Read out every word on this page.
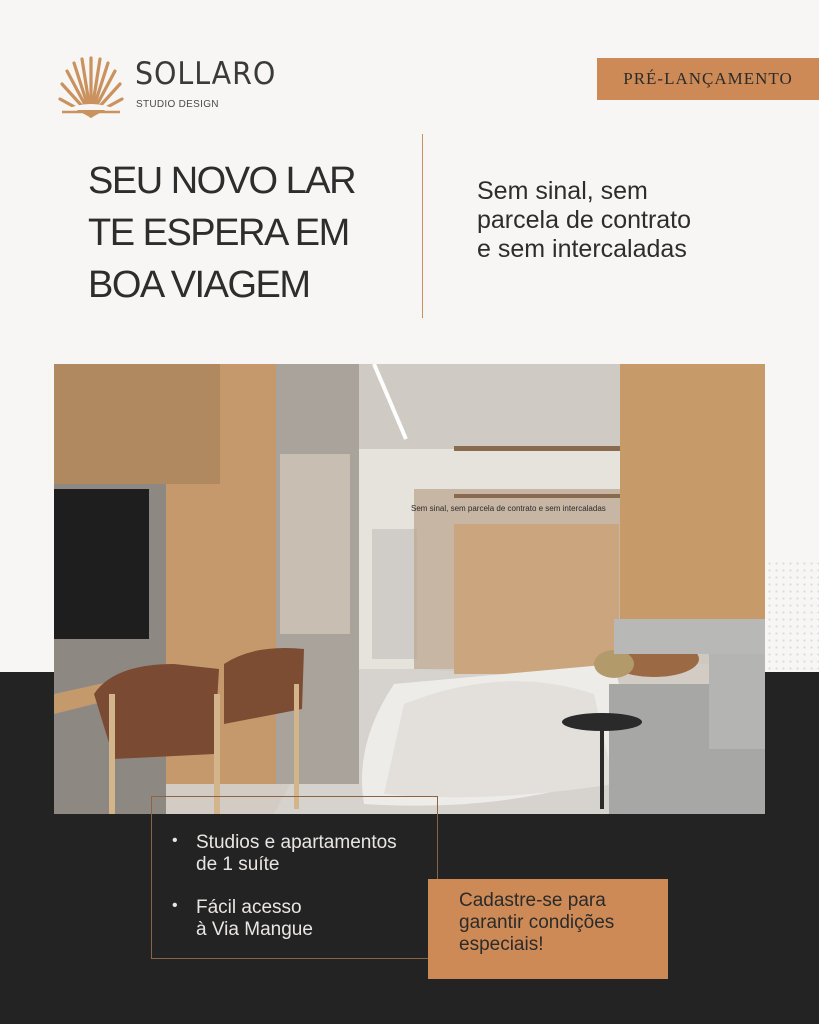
SOLLARO
STUDIO DESIGN
PRÉ-LANÇAMENTO
SEU NOVO LAR
TE ESPERA EM
BOA VIAGEM
Sem sinal, sem
parcela de contrato
e sem intercaladas
Sem sinal, sem parcela de contrato e sem intercaladas
• Studios e apartamentos
de 1 suíte
• Fácil acesso
à Via Mangue
Cadastre-se para
garantir condições
especiais!
